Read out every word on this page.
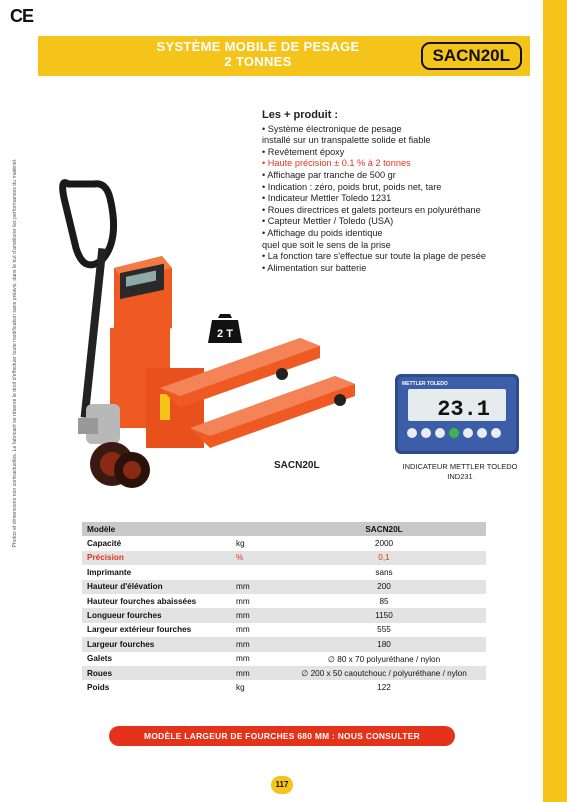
CE
Photos et dimensions non contractuelles. Le fabricant se réserve le droit d'effectuer toute modification sans préavis, dans le but d'améliorer les performances du matériel.
SYSTÈME MOBILE DE PESAGE
2 TONNES	SACN20L
Les + produit :
• Système électronique de pesage
installé sur un transpalette solide et fiable
• Revêtement époxy
• Haute précision ± 0.1 % à 2 tonnes
• Affichage par tranche de 500 gr
• Indication : zéro, poids brut, poids net, tare
• Indicateur Mettler Toledo 1231
• Roues directrices et galets porteurs en polyuréthane
• Capteur Mettler / Toledo (USA)
• Affichage du poids identique
quel que soit le sens de la prise
• La fonction tare s'effectue sur toute la plage de pesée
• Alimentation sur batterie
2 T
SACN20L
METTLER TOLEDO
23.1
INDICATEUR METTLER TOLEDO
IND231
Modèle		SACN20L
Capacité	kg	2000
Précision	%	0,1
Imprimante		sans
Hauteur d'élévation	mm	200
Hauteur fourches abaissées	mm	85
Longueur fourches	mm	1150
Largeur extérieur fourches	mm	555
Largeur fourches	mm	180
Galets	mm	∅ 80 x 70 polyuréthane / nylon
Roues	mm	∅ 200 x 50 caoutchouc / polyuréthane / nylon
Poids	kg	122
MODÈLE LARGEUR DE FOURCHES 680 MM : NOUS CONSULTER
117
